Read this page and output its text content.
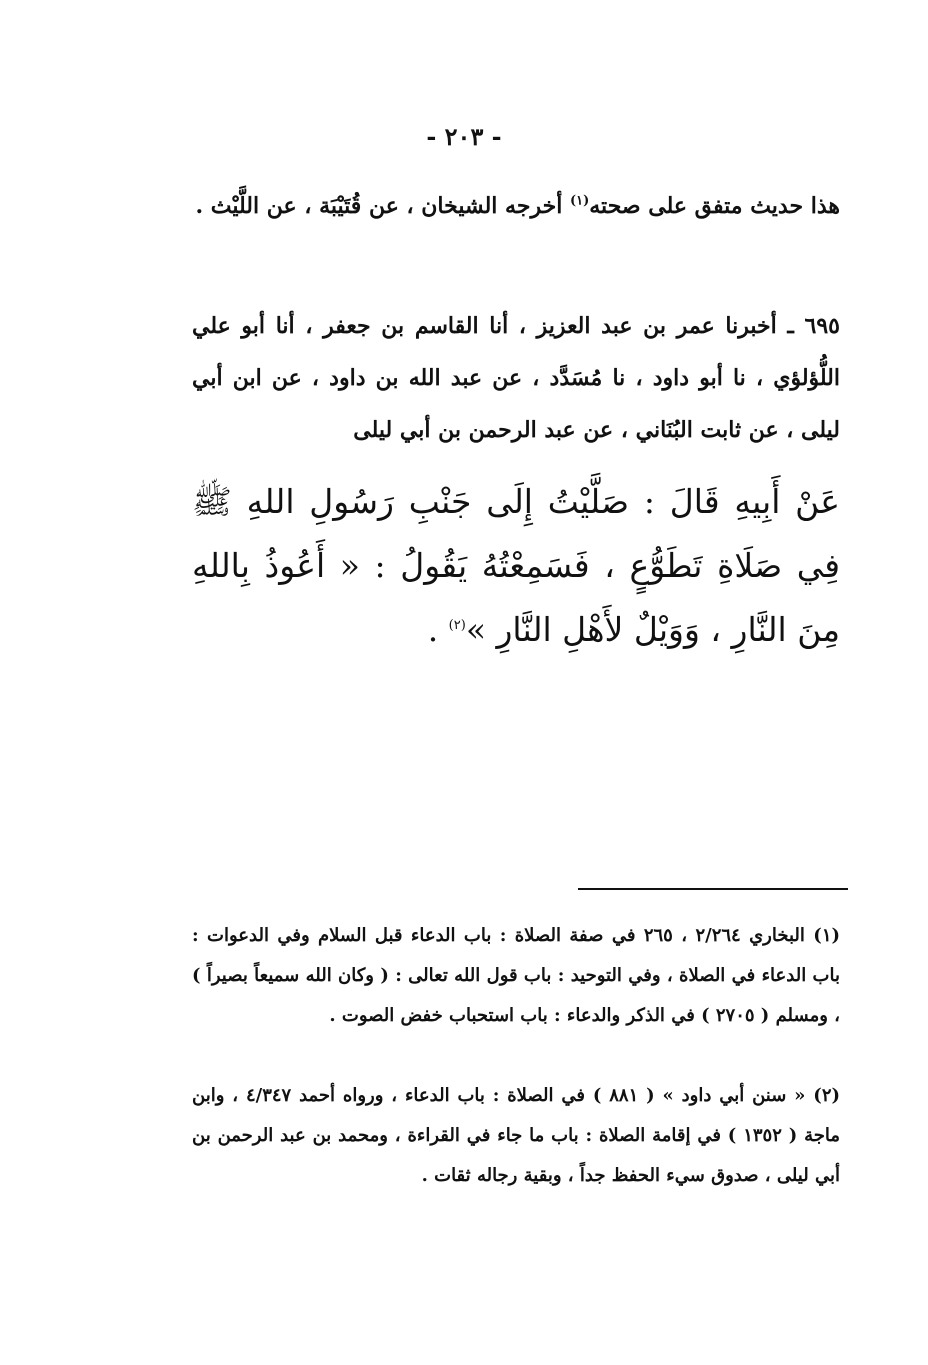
- ٢٠٣ -

هذا حديث متفق على صحته$^{(١)}$ أخرجه الشيخان ، عن قُتَيْبَة ، عن اللَّيْث .

٦٩٥ ـ أخبرنا عمر بن عبد العزيز ، أنا القاسم بن جعفر ، أنا أبو علي اللُّؤلؤي ، نا أبو داود ، نا مُسَدَّد ، عن عبد الله بن داود ، عن ابن أبي ليلى ، عن ثابت البُنَاني ، عن عبد الرحمن بن أبي ليلى

عَنْ أَبِيهِ قَالَ : صَلَّيْتُ إِلَى جَنْبِ رَسُولِ اللهِ ﷺ فِي صَلَاةِ تَطَوُّعٍ ، فَسَمِعْتُهُ يَقُولُ : « أَعُوذُ بِاللهِ مِنَ النَّارِ ، وَوَيْلٌ لأَهْلِ النَّارِ »$^{(٢)}$ .

(١) البخاري ٢/٢٦٤ ، ٢٦٥ في صفة الصلاة : باب الدعاء قبل السلام وفي الدعوات : باب الدعاء في الصلاة ، وفي التوحيد : باب قول الله تعالى : ( وكان الله سميعاً بصيراً ) ، ومسلم ( ٢٧٠٥ ) في الذكر والدعاء : باب استحباب خفض الصوت .

(٢) « سنن أبي داود » ( ٨٨١ ) في الصلاة : باب الدعاء ، ورواه أحمد ٤/٣٤٧ ، وابن ماجة ( ١٣٥٢ ) في إقامة الصلاة : باب ما جاء في القراءة ، ومحمد بن عبد الرحمن بن أبي ليلى ، صدوق سيء الحفظ جداً ، وبقية رجاله ثقات .
